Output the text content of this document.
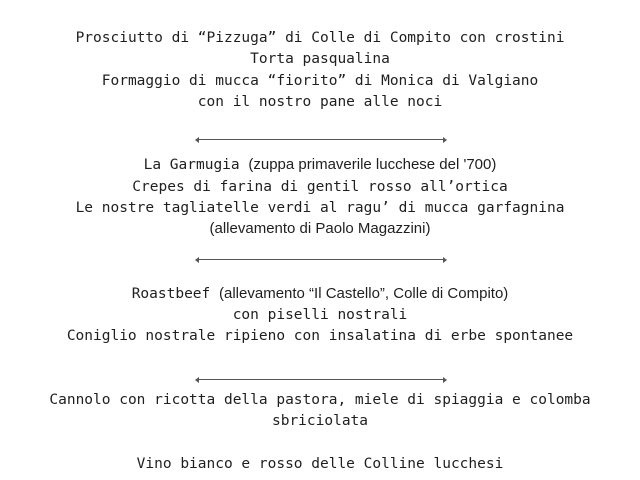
Prosciutto di “Pizzuga” di Colle di Compito con crostini
Torta pasqualina
Formaggio di mucca “fiorito” di Monica di Valgiano
con il nostro pane alle noci
La Garmugia (zuppa primaverile lucchese del '700)
Crepes di farina di gentil rosso all’ortica
Le nostre tagliatelle verdi al ragu’ di mucca garfagnina
(allevamento di Paolo Magazzini)
Roastbeef (allevamento “Il Castello”, Colle di Compito)
con piselli nostrali
Coniglio nostrale ripieno con insalatina di erbe spontanee
Cannolo con ricotta della pastora, miele di spiaggia e colomba
sbriciolata
Vino bianco e rosso delle Colline lucchesi
